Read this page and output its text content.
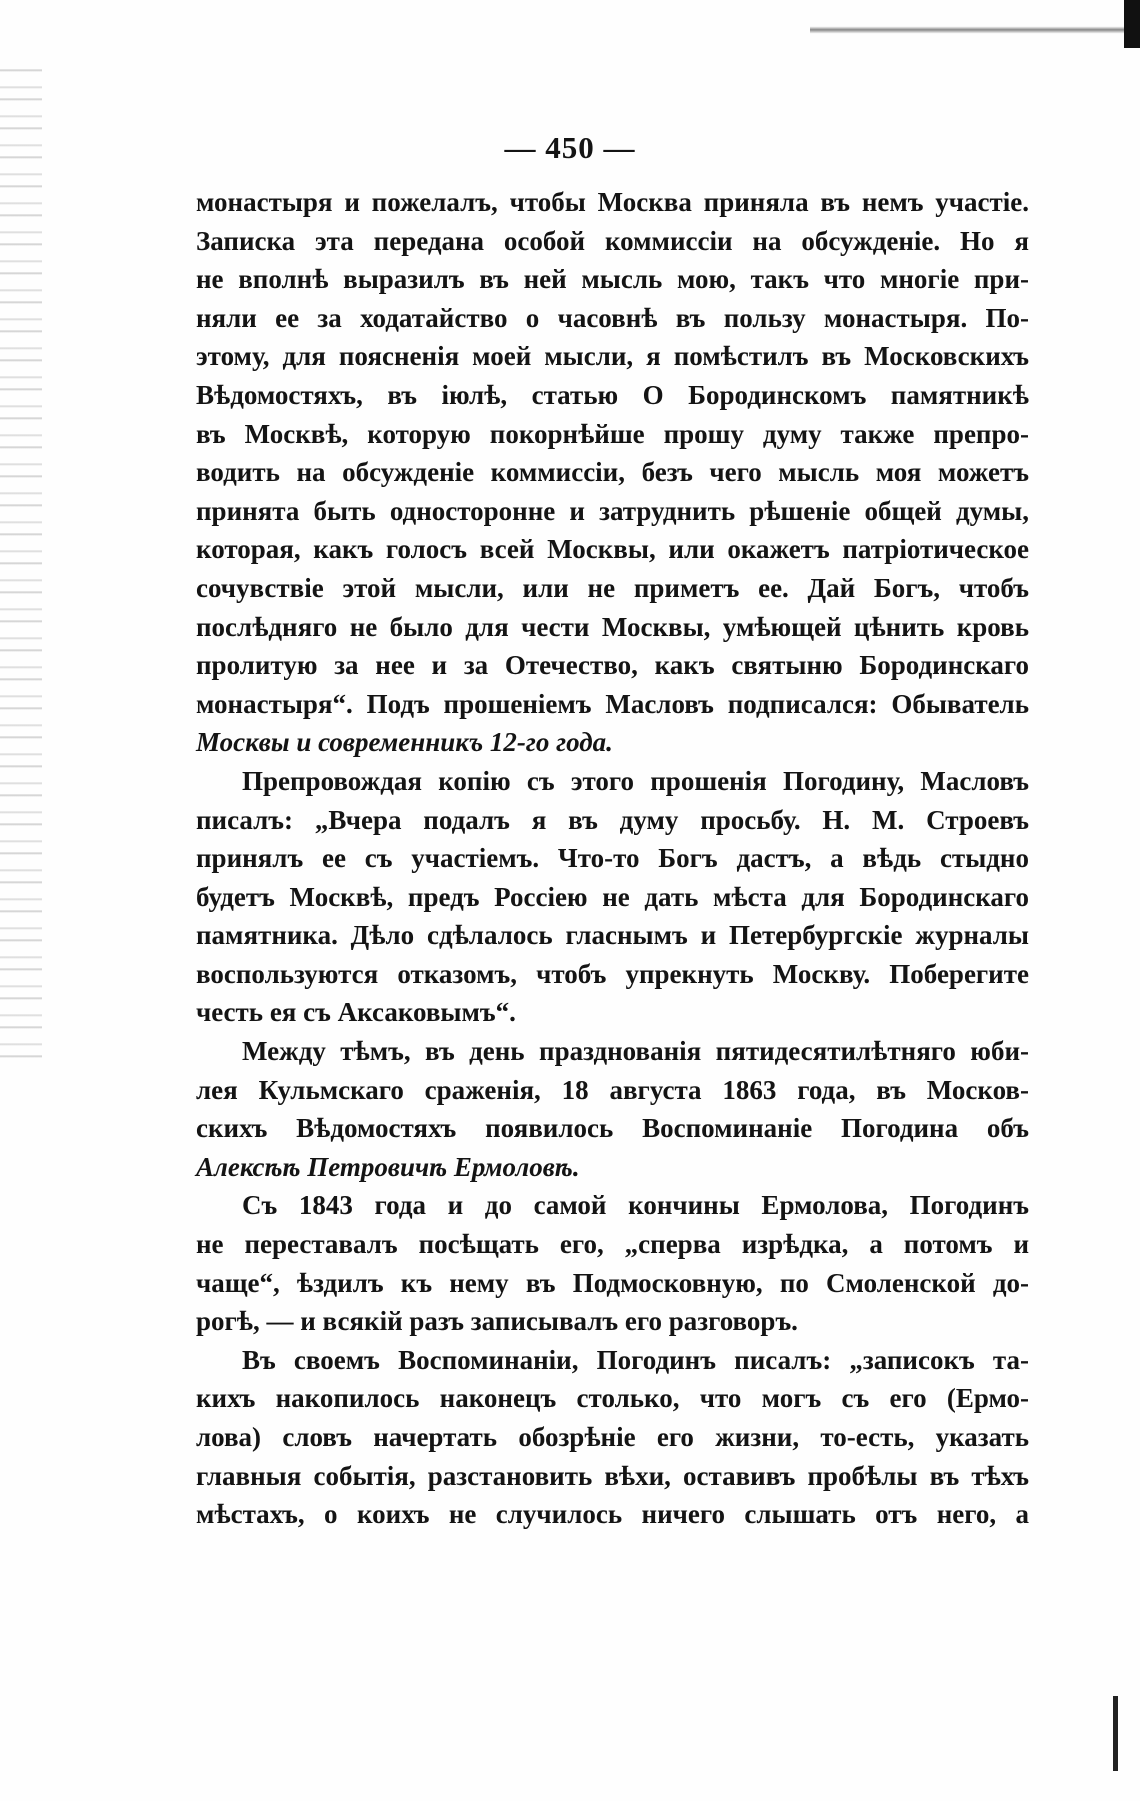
— 450 —

монастыря и пожелалъ, чтобы Москва приняла въ немъ участіе.
Записка эта передана особой коммиссіи на обсужденіе. Но я
не вполнѣ выразилъ въ ней мысль мою, такъ что многіе при-
няли ее за ходатайство о часовнѣ въ пользу монастыря. По-
этому, для поясненія моей мысли, я помѣстилъ въ Московскихъ
Вѣдомостяхъ, въ іюлѣ, статью О Бородинскомъ памятникѣ
въ Москвѣ, которую покорнѣйше прошу думу также препро-
водить на обсужденіе коммиссіи, безъ чего мысль моя можетъ
принята быть односторонне и затруднить рѣшеніе общей думы,
которая, какъ голосъ всей Москвы, или окажетъ патріотическое
сочувствіе этой мысли, или не приметъ ее. Дай Богъ, чтобъ
послѣдняго не было для чести Москвы, умѣющей цѣнить кровь
пролитую за нее и за Отечество, какъ святыню Бородинскаго
монастыря“. Подъ прошеніемъ Масловъ подписался: Обыватель
Москвы и современникъ 12-го года.

Препровождая копію съ этого прошенія Погодину, Масловъ
писалъ: „Вчера подалъ я въ думу просьбу. Н. М. Строевъ
принялъ ее съ участіемъ. Что-то Богъ дастъ, а вѣдь стыдно
будетъ Москвѣ, предъ Россіею не дать мѣста для Бородинскаго
памятника. Дѣло сдѣлалось гласнымъ и Петербургскіе журналы
воспользуются отказомъ, чтобъ упрекнуть Москву. Поберегите
честь ея съ Аксаковымъ“.

Между тѣмъ, въ день празднованія пятидесятилѣтняго юби-
лея Кульмскаго сраженія, 18 августа 1863 года, въ Москов-
скихъ Вѣдомостяхъ появилось Воспоминаніе Погодина объ
Алексѣѣ Петровичѣ Ермоловѣ.

Съ 1843 года и до самой кончины Ермолова, Погодинъ
не переставалъ посѣщать его, „сперва изрѣдка, а потомъ и
чаще“, ѣздилъ къ нему въ Подмосковную, по Смоленской до-
рогѣ, — и всякій разъ записывалъ его разговоръ.

Въ своемъ Воспоминаніи, Погодинъ писалъ: „записокъ та-
кихъ накопилось наконецъ столько, что могъ съ его (Ермо-
лова) словъ начертать обозрѣніе его жизни, то-есть, указать
главныя событія, разстановить вѣхи, оставивъ пробѣлы въ тѣхъ
мѣстахъ, о коихъ не случилось ничего слышать отъ него, а
